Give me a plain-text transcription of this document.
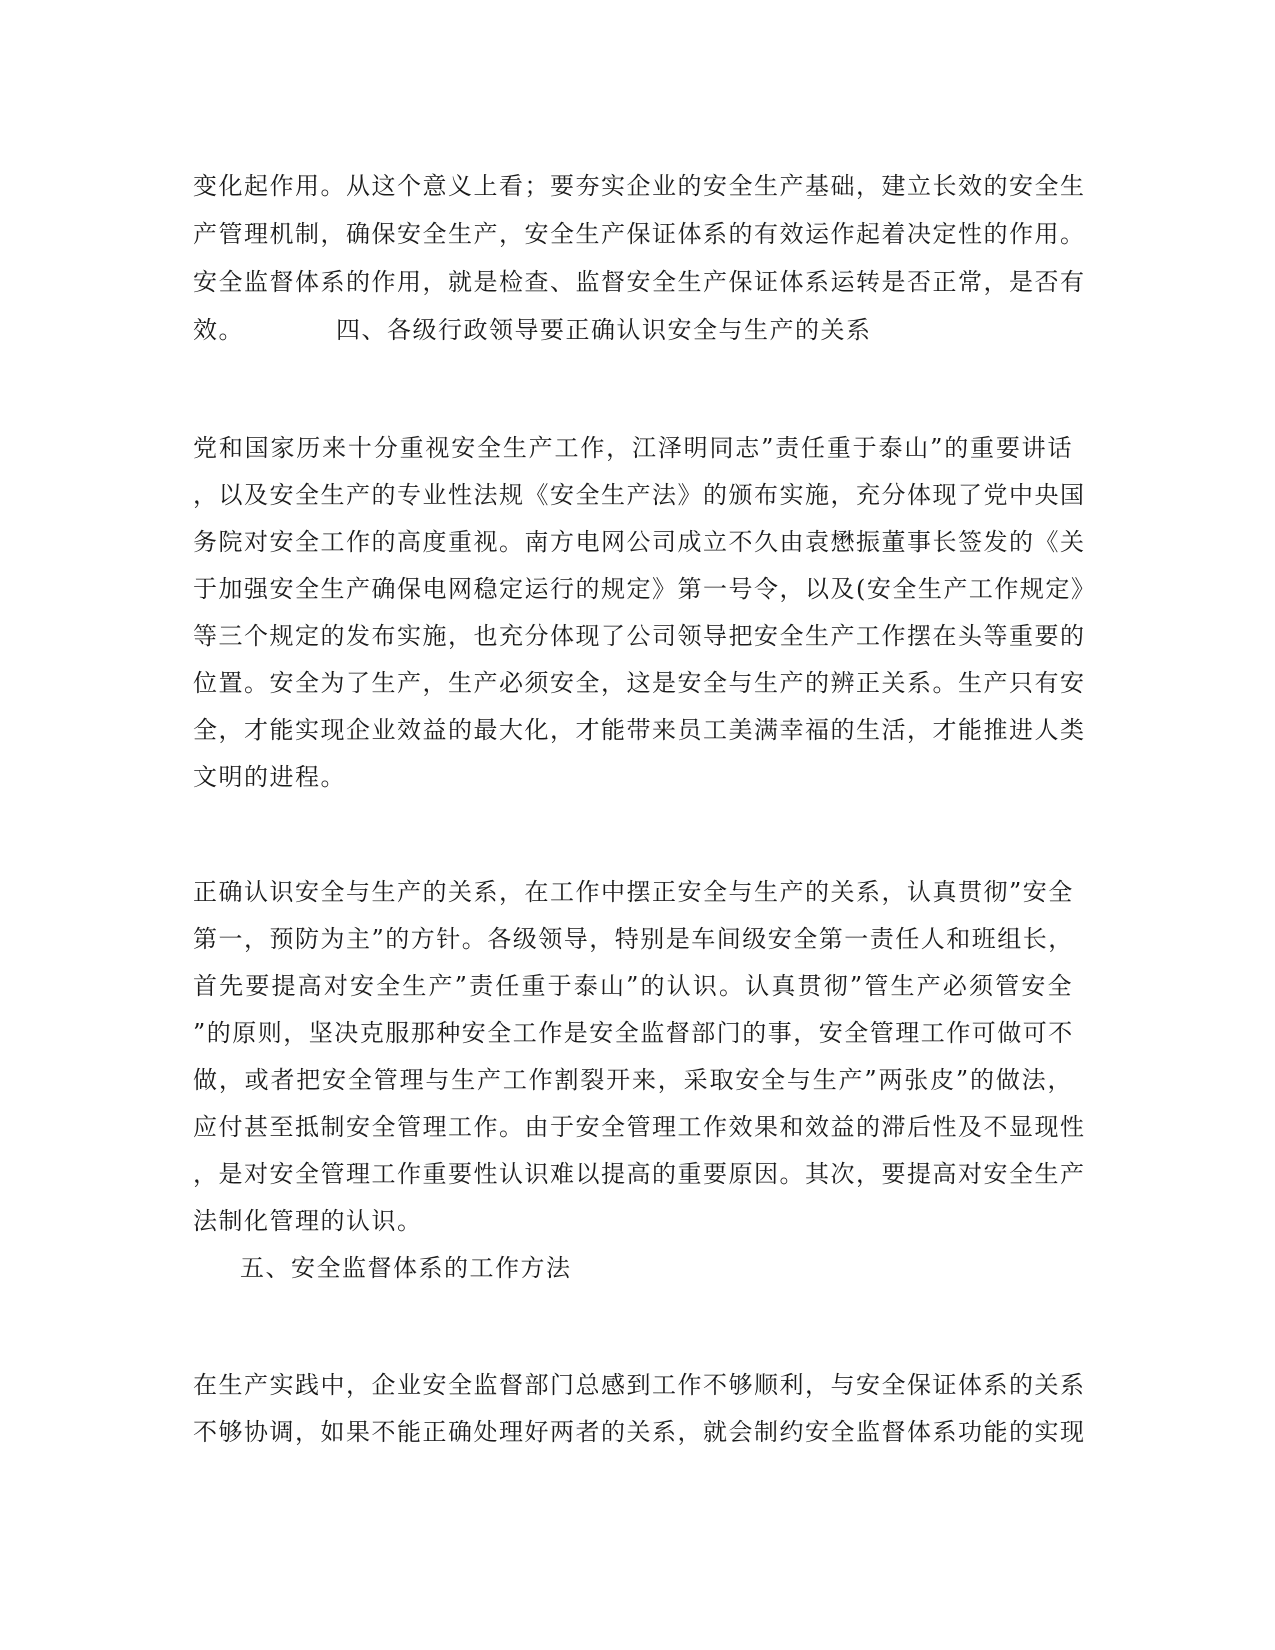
变化起作用。从这个意义上看；要夯实企业的安全生产基础，建立长效的安全生
产管理机制，确保安全生产，安全生产保证体系的有效运作起着决定性的作用。
安全监督体系的作用，就是检查、监督安全生产保证体系运转是否正常，是否有
效。	四、各级行政领导要正确认识安全与生产的关系
党和国家历来十分重视安全生产工作，江泽明同志”责任重于泰山”的重要讲话
，以及安全生产的专业性法规《安全生产法》的颁布实施，充分体现了党中央国
务院对安全工作的高度重视。南方电网公司成立不久由袁懋振董事长签发的《关
于加强安全生产确保电网稳定运行的规定》第一号令，以及(安全生产工作规定》
等三个规定的发布实施，也充分体现了公司领导把安全生产工作摆在头等重要的
位置。安全为了生产，生产必须安全，这是安全与生产的辨正关系。生产只有安
全，才能实现企业效益的最大化，才能带来员工美满幸福的生活，才能推进人类
文明的进程。
正确认识安全与生产的关系，在工作中摆正安全与生产的关系，认真贯彻”安全
第一，预防为主”的方针。各级领导，特别是车间级安全第一责任人和班组长，
首先要提高对安全生产”责任重于泰山”的认识。认真贯彻”管生产必须管安全
”的原则，坚决克服那种安全工作是安全监督部门的事，安全管理工作可做可不
做，或者把安全管理与生产工作割裂开来，采取安全与生产”两张皮”的做法，
应付甚至抵制安全管理工作。由于安全管理工作效果和效益的滞后性及不显现性
，是对安全管理工作重要性认识难以提高的重要原因。其次，要提高对安全生产
法制化管理的认识。
五、安全监督体系的工作方法
在生产实践中，企业安全监督部门总感到工作不够顺利，与安全保证体系的关系
不够协调，如果不能正确处理好两者的关系，就会制约安全监督体系功能的实现
